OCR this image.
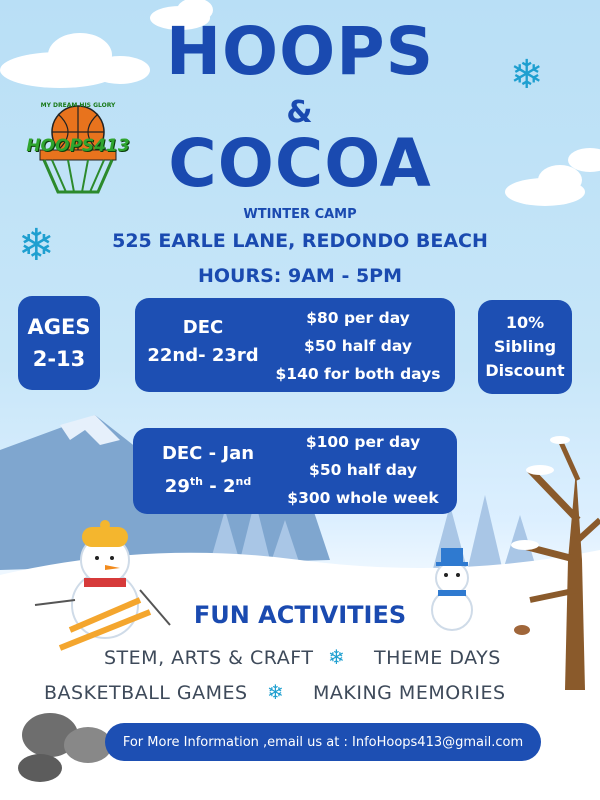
❄
❄
MY DREAM HIS GLORY
HOOPS413
HOOPS
&
COCOA
WTINTER CAMP
525 EARLE LANE, REDONDO BEACH
HOURS: 9AM - 5PM
AGES
2-13
DEC
22nd- 23rd
$80 per day
$50 half day
$140 for both days
10%
Sibling
Discount
DEC - Jan
29th - 2nd
$100 per day
$50 half day
$300 whole week
FUN ACTIVITIES
STEM, ARTS & CRAFT ❄ THEME DAYS
BASKETBALL GAMES ❄ MAKING MEMORIES
For More Information ,email us at : InfoHoops413@gmail.com
